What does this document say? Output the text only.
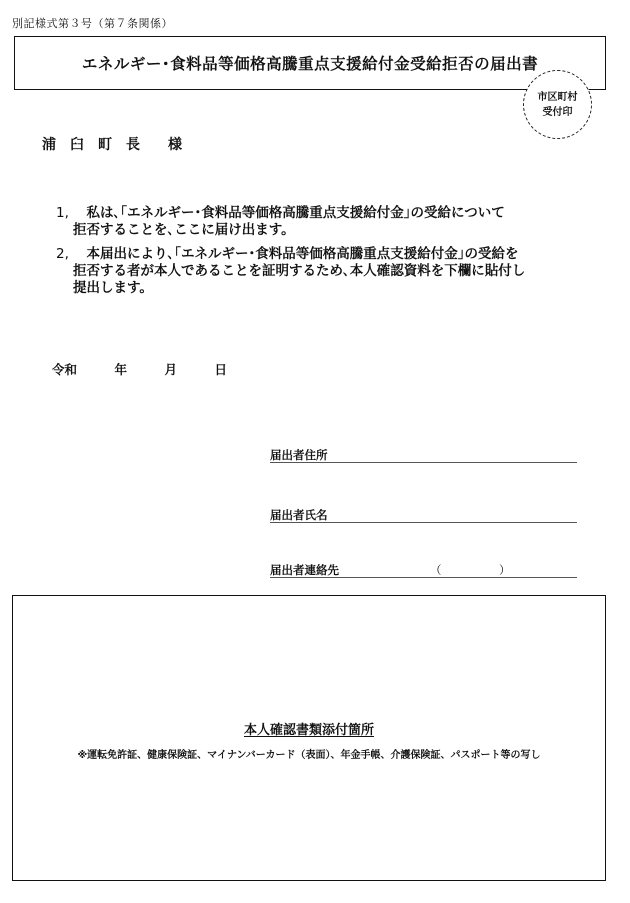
別記様式第３号（第７条関係）
エネルギー･食料品等価格高騰重点支援給付金受給拒否の届出書
市区町村
受付印
浦　臼　町　長　　様
1,	　私は､｢エネルギー･食料品等価格高騰重点支援給付金｣の受給について
拒否することを､ここに届け出ます。
2,	　本届出により､｢エネルギー･食料品等価格高騰重点支援給付金｣の受給を
拒否する者が本人であることを証明するため､本人確認資料を下欄に貼付し
提出します。
令和　　　年　　　月　　　日
届出者住所
届出者氏名
届出者連絡先	（　　　　　）
本人確認書類添付箇所
※運転免許証、健康保険証、マイナンバーカード（表面）、年金手帳、介護保険証、パスポート等の写し
